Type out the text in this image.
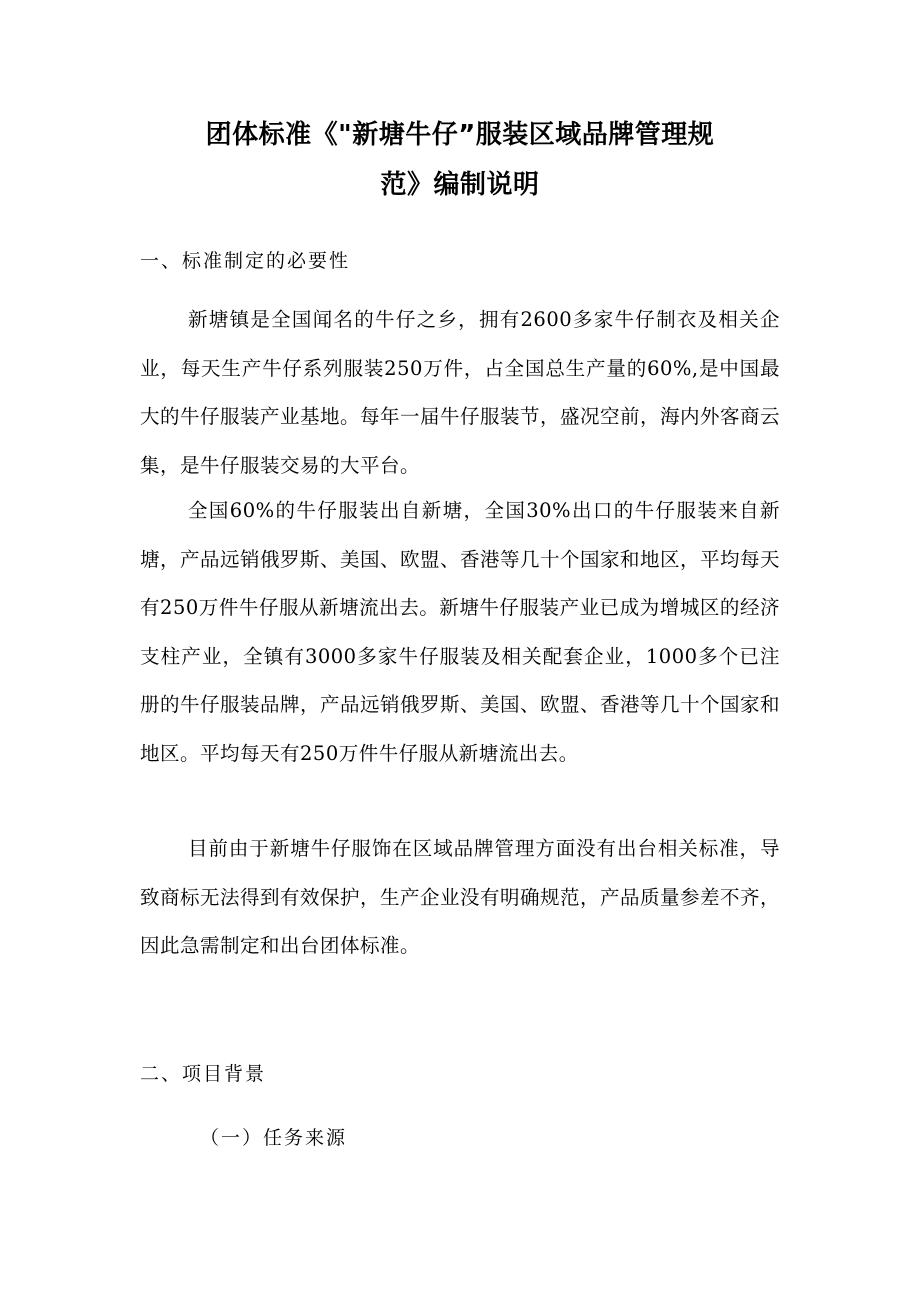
团体标准《"新塘牛仔”服装区域品牌管理规
范》编制说明
一、标准制定的必要性
新塘镇是全国闻名的牛仔之乡，拥有2600多家牛仔制衣及相关企业，每天生产牛仔系列服装250万件，占全国总生产量的60%,是中国最大的牛仔服装产业基地。每年一届牛仔服装节，盛况空前，海内外客商云集，是牛仔服装交易的大平台。
全国60%的牛仔服装出自新塘，全国30%出口的牛仔服装来自新塘，产品远销俄罗斯、美国、欧盟、香港等几十个国家和地区，平均每天有250万件牛仔服从新塘流出去。新塘牛仔服装产业已成为增城区的经济支柱产业，全镇有3000多家牛仔服装及相关配套企业，1000多个已注册的牛仔服装品牌，产品远销俄罗斯、美国、欧盟、香港等几十个国家和地区。平均每天有250万件牛仔服从新塘流出去。
目前由于新塘牛仔服饰在区域品牌管理方面没有出台相关标准，导致商标无法得到有效保护，生产企业没有明确规范，产品质量参差不齐，因此急需制定和出台团体标准。
二、项目背景
（一）任务来源
